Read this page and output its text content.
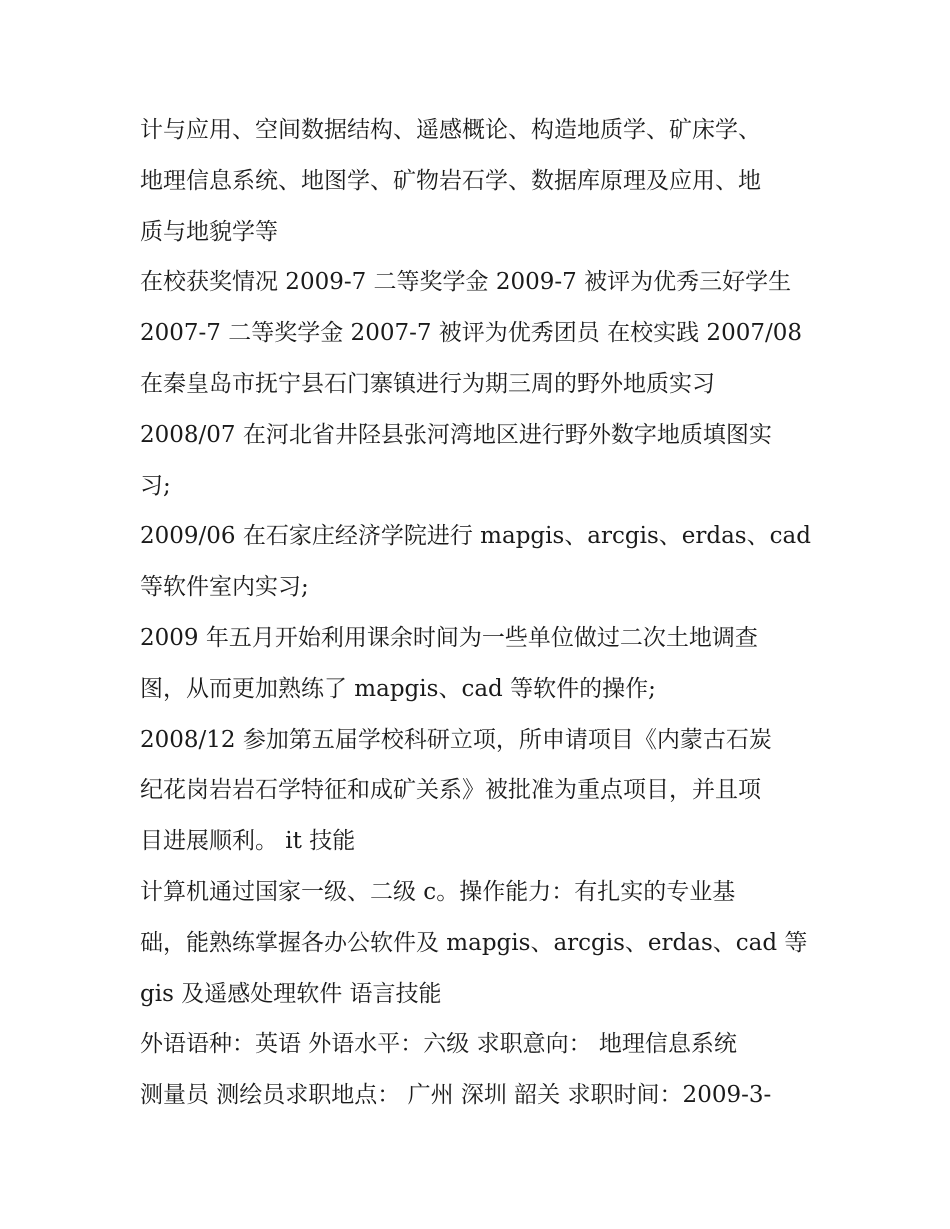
计与应用、空间数据结构、遥感概论、构造地质学、矿床学、
地理信息系统、地图学、矿物岩石学、数据库原理及应用、地
质与地貌学等
在校获奖情况 2009-7 二等奖学金 2009-7 被评为优秀三好学生
2007-7 二等奖学金 2007-7 被评为优秀团员 在校实践 2007/08
在秦皇岛市抚宁县石门寨镇进行为期三周的野外地质实习
2008/07 在河北省井陉县张河湾地区进行野外数字地质填图实
习;
2009/06 在石家庄经济学院进行 mapgis、arcgis、erdas、cad
等软件室内实习;
2009 年五月开始利用课余时间为一些单位做过二次土地调查
图，从而更加熟练了 mapgis、cad 等软件的操作;
2008/12 参加第五届学校科研立项，所申请项目《内蒙古石炭
纪花岗岩岩石学特征和成矿关系》被批准为重点项目，并且项
目进展顺利。 it 技能
计算机通过国家一级、二级 c。操作能力：有扎实的专业基
础，能熟练掌握各办公软件及 mapgis、arcgis、erdas、cad 等
gis 及遥感处理软件 语言技能
外语语种：英语 外语水平：六级 求职意向： 地理信息系统
测量员 测绘员求职地点： 广州 深圳 韶关 求职时间：2009-3-
